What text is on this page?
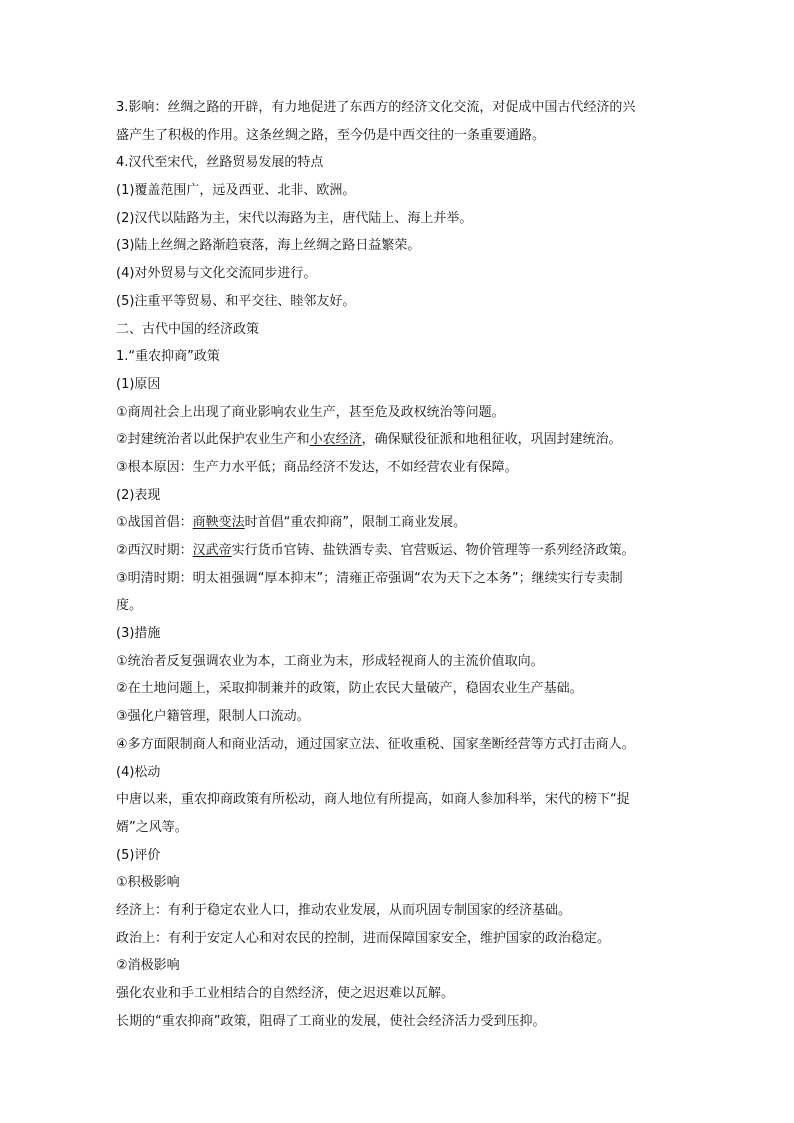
3.影响：丝绸之路的开辟，有力地促进了东西方的经济文化交流，对促成中国古代经济的兴
盛产生了积极的作用。这条丝绸之路，至今仍是中西交往的一条重要通路。
4.汉代至宋代，丝路贸易发展的特点
(1)覆盖范围广，远及西亚、北非、欧洲。
(2)汉代以陆路为主，宋代以海路为主，唐代陆上、海上并举。
(3)陆上丝绸之路渐趋衰落，海上丝绸之路日益繁荣。
(4)对外贸易与文化交流同步进行。
(5)注重平等贸易、和平交往、睦邻友好。
二、古代中国的经济政策
1.“重农抑商”政策
(1)原因
①商周社会上出现了商业影响农业生产，甚至危及政权统治等问题。
②封建统治者以此保护农业生产和小农经济，确保赋役征派和地租征收，巩固封建统治。
③根本原因：生产力水平低；商品经济不发达，不如经营农业有保障。
(2)表现
①战国首倡：商鞅变法时首倡“重农抑商”，限制工商业发展。
②西汉时期：汉武帝实行货币官铸、盐铁酒专卖、官营贩运、物价管理等一系列经济政策。
③明清时期：明太祖强调“厚本抑末”；清雍正帝强调“农为天下之本务”；继续实行专卖制
度。
(3)措施
①统治者反复强调农业为本，工商业为末，形成轻视商人的主流价值取向。
②在土地问题上，采取抑制兼并的政策，防止农民大量破产，稳固农业生产基础。
③强化户籍管理，限制人口流动。
④多方面限制商人和商业活动，通过国家立法、征收重税、国家垄断经营等方式打击商人。
(4)松动
中唐以来，重农抑商政策有所松动，商人地位有所提高，如商人参加科举，宋代的榜下“捉
婿”之风等。
(5)评价
①积极影响
经济上：有利于稳定农业人口，推动农业发展，从而巩固专制国家的经济基础。
政治上：有利于安定人心和对农民的控制，进而保障国家安全，维护国家的政治稳定。
②消极影响
强化农业和手工业相结合的自然经济，使之迟迟难以瓦解。
长期的“重农抑商”政策，阻碍了工商业的发展，使社会经济活力受到压抑。
